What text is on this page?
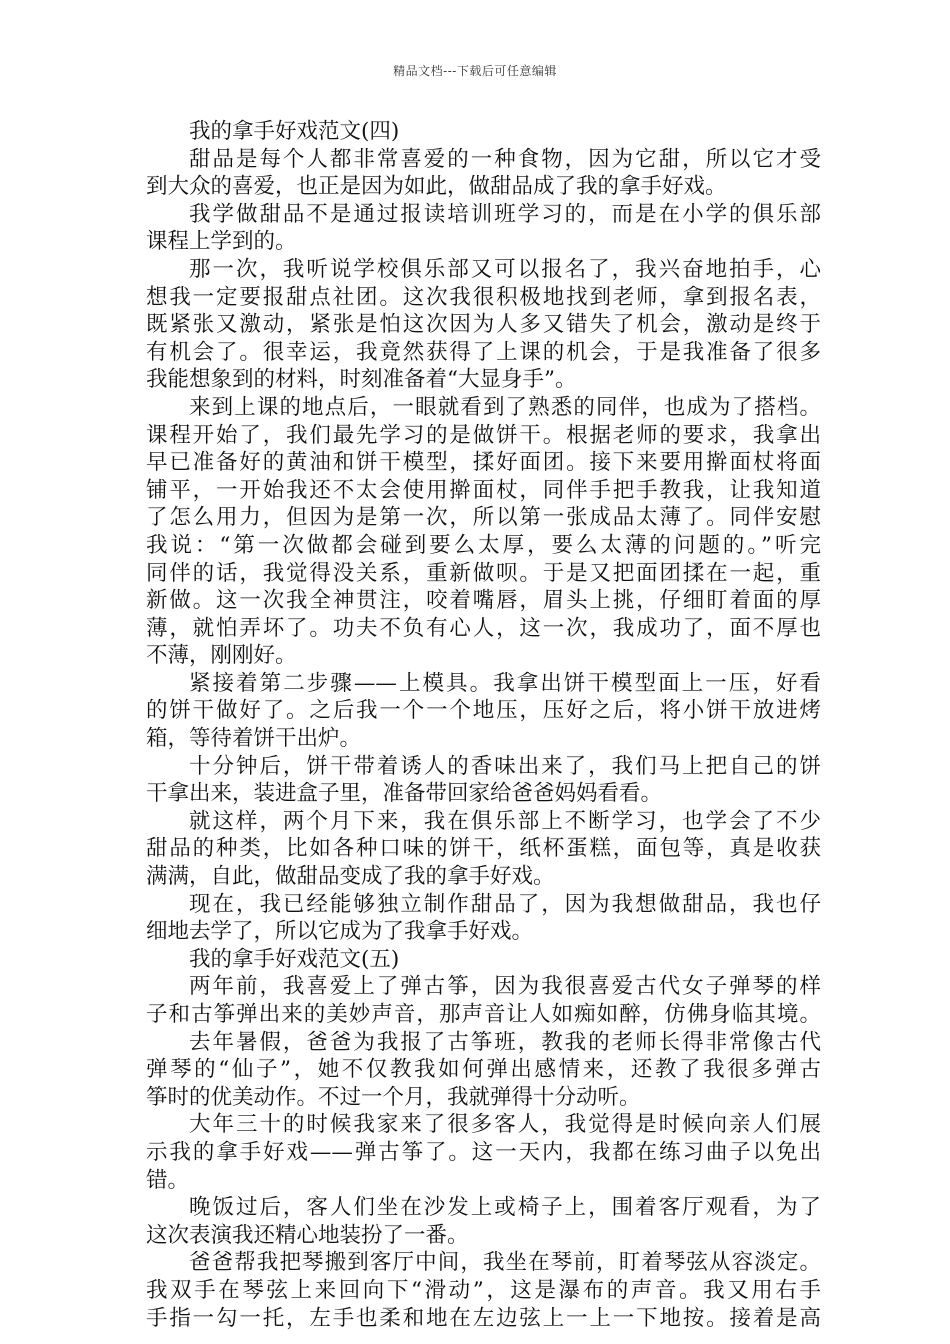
精品文档---下载后可任意编辑
我的拿手好戏范文(四)
甜品是每个人都非常喜爱的一种食物，因为它甜，所以它才受
到大众的喜爱，也正是因为如此，做甜品成了我的拿手好戏。
我学做甜品不是通过报读培训班学习的，而是在小学的俱乐部
课程上学到的。
那一次，我听说学校俱乐部又可以报名了，我兴奋地拍手，心
想我一定要报甜点社团。这次我很积极地找到老师，拿到报名表，
既紧张又激动，紧张是怕这次因为人多又错失了机会，激动是终于
有机会了。很幸运，我竟然获得了上课的机会，于是我准备了很多
我能想象到的材料，时刻准备着“大显身手”。
来到上课的地点后，一眼就看到了熟悉的同伴，也成为了搭档。
课程开始了，我们最先学习的是做饼干。根据老师的要求，我拿出
早已准备好的黄油和饼干模型，揉好面团。接下来要用擀面杖将面
铺平，一开始我还不太会使用擀面杖，同伴手把手教我，让我知道
了怎么用力，但因为是第一次，所以第一张成品太薄了。同伴安慰
我说：“第一次做都会碰到要么太厚，要么太薄的问题的。”听完
同伴的话，我觉得没关系，重新做呗。于是又把面团揉在一起，重
新做。这一次我全神贯注，咬着嘴唇，眉头上挑，仔细盯着面的厚
薄，就怕弄坏了。功夫不负有心人，这一次，我成功了，面不厚也
不薄，刚刚好。
紧接着第二步骤——上模具。我拿出饼干模型面上一压，好看
的饼干做好了。之后我一个一个地压，压好之后，将小饼干放进烤
箱，等待着饼干出炉。
十分钟后，饼干带着诱人的香味出来了，我们马上把自己的饼
干拿出来，装进盒子里，准备带回家给爸爸妈妈看看。
就这样，两个月下来，我在俱乐部上不断学习，也学会了不少
甜品的种类，比如各种口味的饼干，纸杯蛋糕，面包等，真是收获
满满，自此，做甜品变成了我的拿手好戏。
现在，我已经能够独立制作甜品了，因为我想做甜品，我也仔
细地去学了，所以它成为了我拿手好戏。
我的拿手好戏范文(五)
两年前，我喜爱上了弹古筝，因为我很喜爱古代女子弹琴的样
子和古筝弹出来的美妙声音，那声音让人如痴如醉，仿佛身临其境。
去年暑假，爸爸为我报了古筝班，教我的老师长得非常像古代
弹琴的“仙子”，她不仅教我如何弹出感情来，还教了我很多弹古
筝时的优美动作。不过一个月，我就弹得十分动听。
大年三十的时候我家来了很多客人，我觉得是时候向亲人们展
示我的拿手好戏——弹古筝了。这一天内，我都在练习曲子以免出
错。
晚饭过后，客人们坐在沙发上或椅子上，围着客厅观看，为了
这次表演我还精心地装扮了一番。
爸爸帮我把琴搬到客厅中间，我坐在琴前，盯着琴弦从容淡定。
我双手在琴弦上来回向下“滑动”，这是瀑布的声音。我又用右手
手指一勾一托，左手也柔和地在左边弦上一上一下地按。接着是高
